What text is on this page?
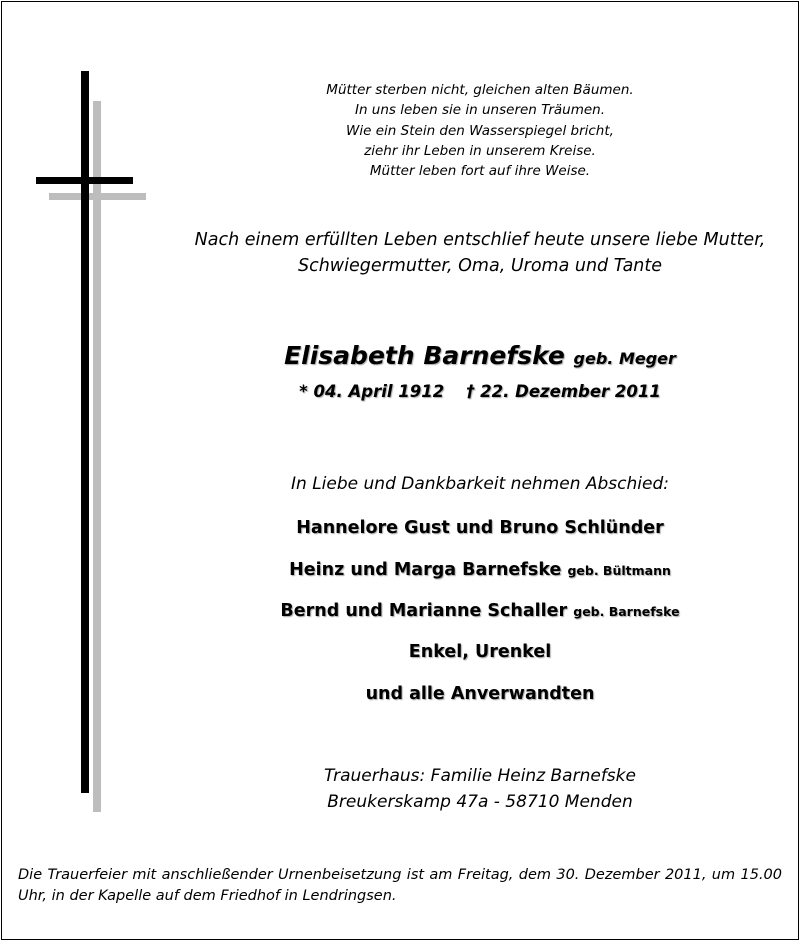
Mütter sterben nicht, gleichen alten Bäumen.
In uns leben sie in unseren Träumen.
Wie ein Stein den Wasserspiegel bricht,
ziehr ihr Leben in unserem Kreise.
Mütter leben fort auf ihre Weise.
Nach einem erfüllten Leben entschlief heute unsere liebe Mutter,
Schwiegermutter, Oma, Uroma und Tante
Elisabeth Barnefske geb. Meger
* 04. April 1912 † 22. Dezember 2011
In Liebe und Dankbarkeit nehmen Abschied:
Hannelore Gust und Bruno Schlünder
Heinz und Marga Barnefske geb. Bültmann
Bernd und Marianne Schaller geb. Barnefske
Enkel, Urenkel
und alle Anverwandten
Trauerhaus: Familie Heinz Barnefske
Breukerskamp 47a - 58710 Menden
Die Trauerfeier mit anschließender Urnenbeisetzung ist am Freitag, dem 30. Dezember 2011, um 15.00 Uhr, in der Kapelle auf dem Friedhof in Lendringsen.
